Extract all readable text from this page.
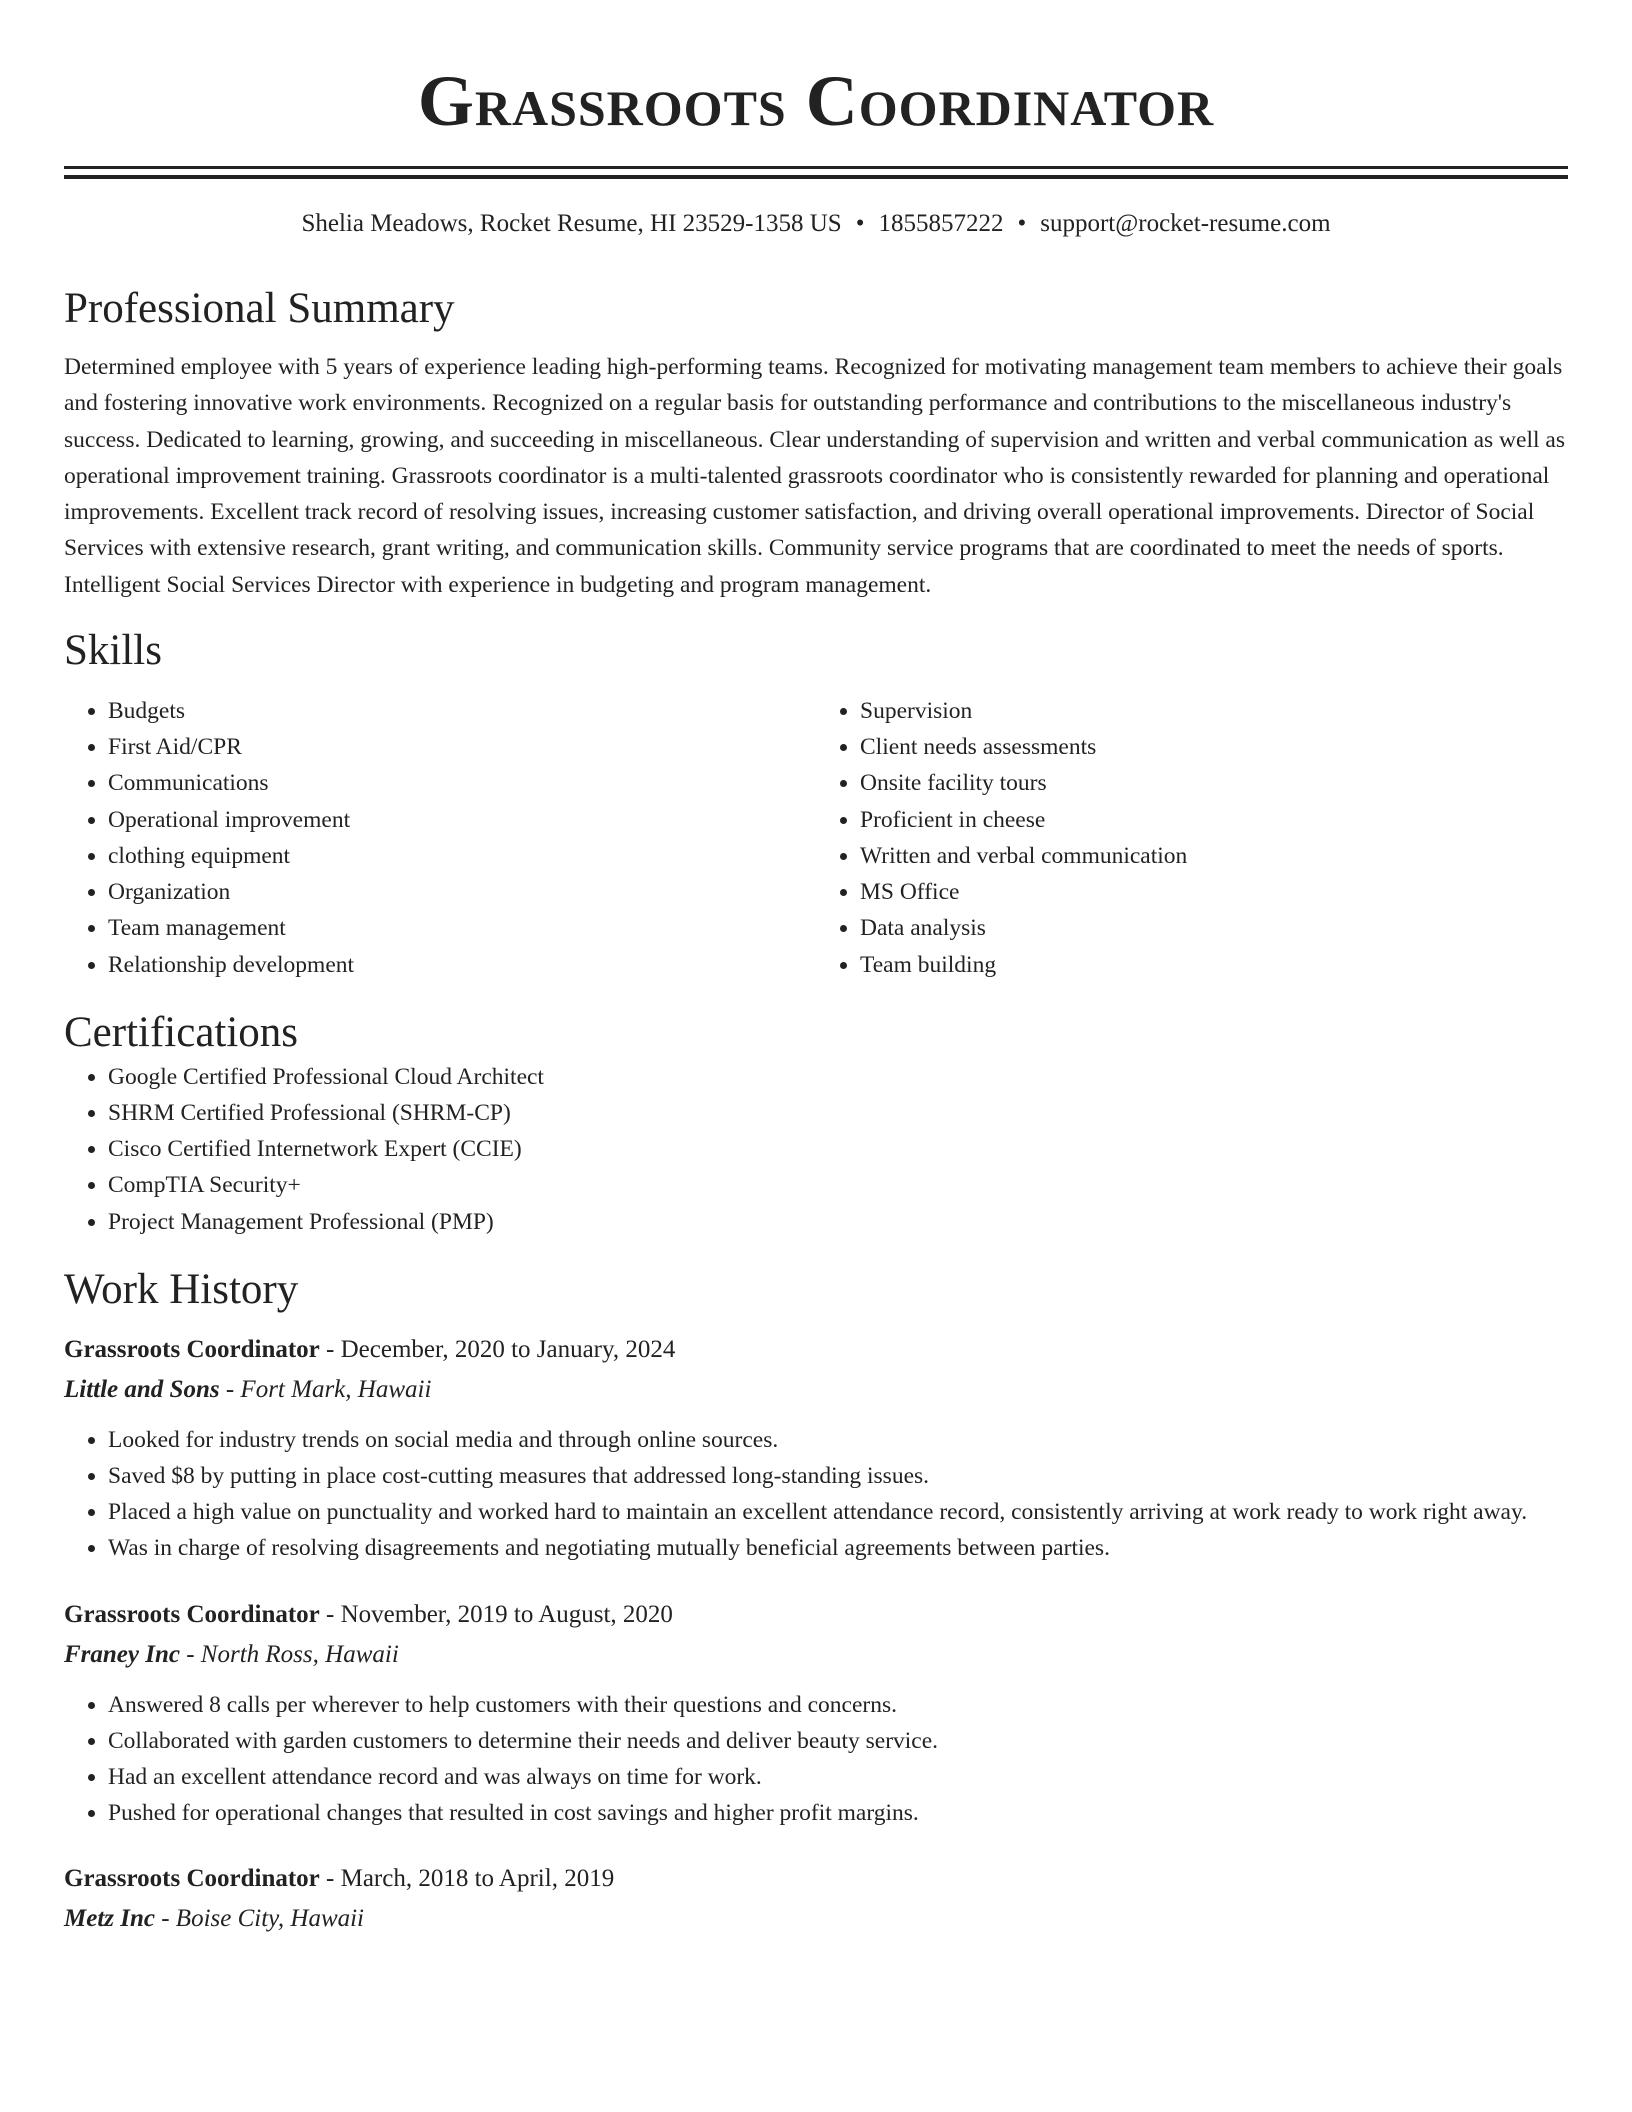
Grassroots Coordinator
Shelia Meadows, Rocket Resume, HI 23529-1358 US • 1855857222 • support@rocket-resume.com
Professional Summary

Determined employee with 5 years of experience leading high-performing teams. Recognized for motivating management team members to achieve their goals and fostering innovative work environments. Recognized on a regular basis for outstanding performance and contributions to the miscellaneous industry's success. Dedicated to learning, growing, and succeeding in miscellaneous. Clear understanding of supervision and written and verbal communication as well as operational improvement training. Grassroots coordinator is a multi-talented grassroots coordinator who is consistently rewarded for planning and operational improvements. Excellent track record of resolving issues, increasing customer satisfaction, and driving overall operational improvements. Director of Social Services with extensive research, grant writing, and communication skills. Community service programs that are coordinated to meet the needs of sports. Intelligent Social Services Director with experience in budgeting and program management.

Skills
• Budgets
• First Aid/CPR
• Communications
• Operational improvement
• clothing equipment
• Organization
• Team management
• Relationship development
• Supervision
• Client needs assessments
• Onsite facility tours
• Proficient in cheese
• Written and verbal communication
• MS Office
• Data analysis
• Team building
Certifications
• Google Certified Professional Cloud Architect
• SHRM Certified Professional (SHRM-CP)
• Cisco Certified Internetwork Expert (CCIE)
• CompTIA Security+
• Project Management Professional (PMP)
Work History
Grassroots Coordinator - December, 2020 to January, 2024
Little and Sons - Fort Mark, Hawaii
• Looked for industry trends on social media and through online sources.
• Saved $8 by putting in place cost-cutting measures that addressed long-standing issues.
• Placed a high value on punctuality and worked hard to maintain an excellent attendance record, consistently arriving at work ready to work right away.
• Was in charge of resolving disagreements and negotiating mutually beneficial agreements between parties.
Grassroots Coordinator - November, 2019 to August, 2020
Franey Inc - North Ross, Hawaii
• Answered 8 calls per wherever to help customers with their questions and concerns.
• Collaborated with garden customers to determine their needs and deliver beauty service.
• Had an excellent attendance record and was always on time for work.
• Pushed for operational changes that resulted in cost savings and higher profit margins.
Grassroots Coordinator - March, 2018 to April, 2019
Metz Inc - Boise City, Hawaii
